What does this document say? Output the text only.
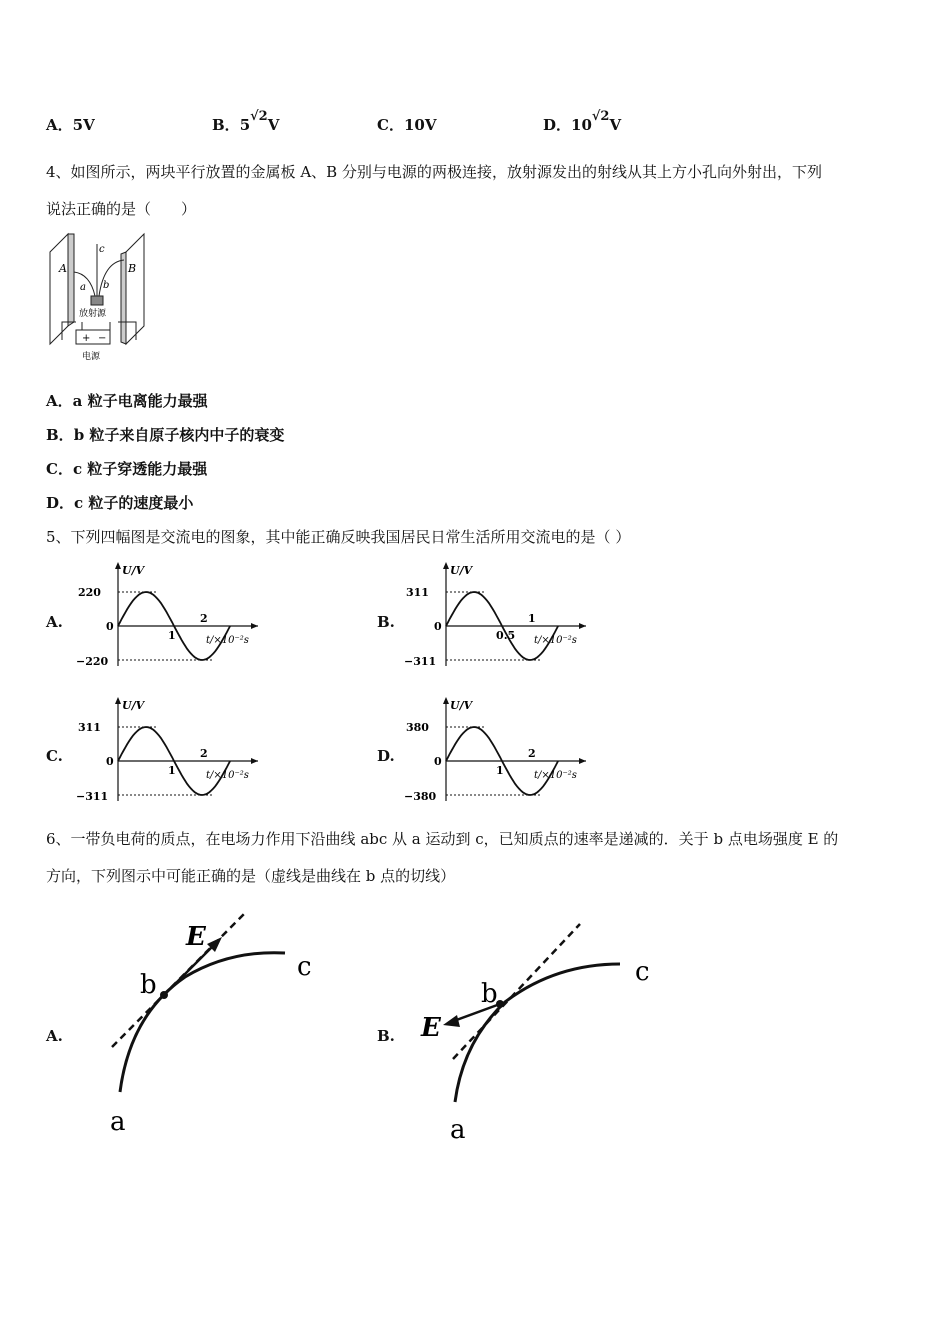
A．5V	B．5√2V	C．10V	D．10√2V
4、如图所示，两块平行放置的金属板 A、B 分别与电源的两极连接，放射源发出的射线从其上方小孔向外射出，下列
说法正确的是（　　）
A	B
c
a b
放射源
+ −
电源
A．a 粒子电离能力最强
B．b 粒子来自原子核内中子的衰变
C．c 粒子穿透能力最强
D．c 粒子的速度最小
5、下列四幅图是交流电的图象，其中能正确反映我国居民日常生活所用交流电的是（ ）
A.	B.
C.	D.
U/V
220
−220
0
1
2
t/×10⁻²s
U/V
311
−311
0
0.5
1
t/×10⁻²s
U/V
311
−311
0
1
2
t/×10⁻²s
U/V
380
−380
0
1
2
t/×10⁻²s
6、一带负电荷的质点，在电场力作用下沿曲线 abc 从 a 运动到 c，已知质点的速率是递减的．关于 b 点电场强度 E 的
方向，下列图示中可能正确的是（虚线是曲线在 b 点的切线）
A.
E
b
c
a
B. E
b
c
a
